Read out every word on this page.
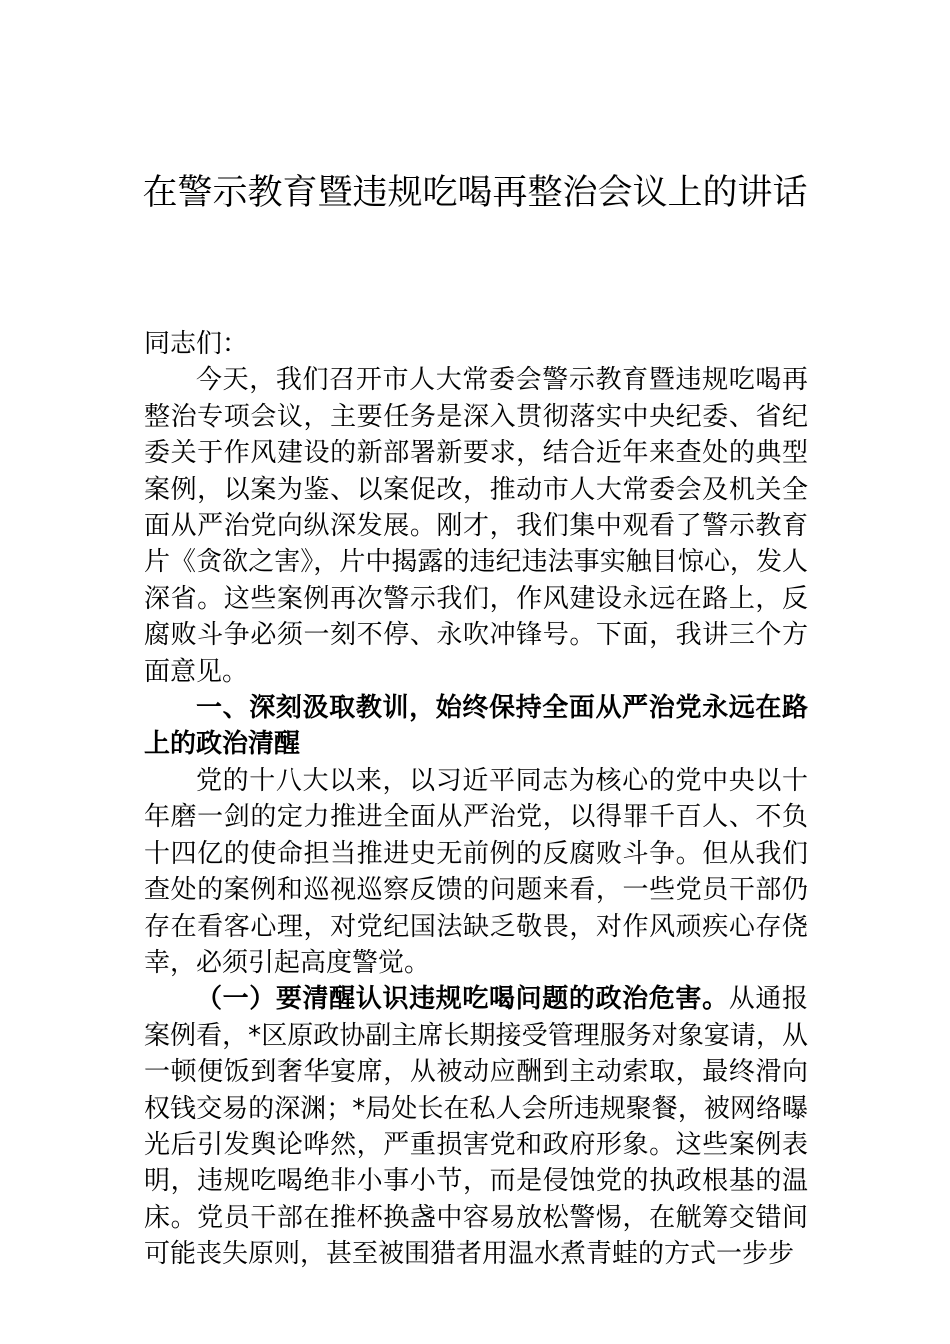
在警示教育暨违规吃喝再整治会议上的讲话

同志们：

今天，我们召开市人大常委会警示教育暨违规吃喝再整治专项会议，主要任务是深入贯彻落实中央纪委、省纪委关于作风建设的新部署新要求，结合近年来查处的典型案例，以案为鉴、以案促改，推动市人大常委会及机关全面从严治党向纵深发展。刚才，我们集中观看了警示教育片《贪欲之害》，片中揭露的违纪违法事实触目惊心，发人深省。这些案例再次警示我们，作风建设永远在路上，反腐败斗争必须一刻不停、永吹冲锋号。下面，我讲三个方面意见。

一、深刻汲取教训，始终保持全面从严治党永远在路上的政治清醒

党的十八大以来，以习近平同志为核心的党中央以十年磨一剑的定力推进全面从严治党，以得罪千百人、不负十四亿的使命担当推进史无前例的反腐败斗争。但从我们查处的案例和巡视巡察反馈的问题来看，一些党员干部仍存在看客心理，对党纪国法缺乏敬畏，对作风顽疾心存侥幸，必须引起高度警觉。

（一）要清醒认识违规吃喝问题的政治危害。从通报案例看，*区原政协副主席长期接受管理服务对象宴请，从一顿便饭到奢华宴席，从被动应酬到主动索取，最终滑向权钱交易的深渊；*局处长在私人会所违规聚餐，被网络曝光后引发舆论哗然，严重损害党和政府形象。这些案例表明，违规吃喝绝非小事小节，而是侵蚀党的执政根基的温床。党员干部在推杯换盏中容易放松警惕，在觥筹交错间可能丧失原则，甚至被围猎者用温水煮青蛙的方式一步步
